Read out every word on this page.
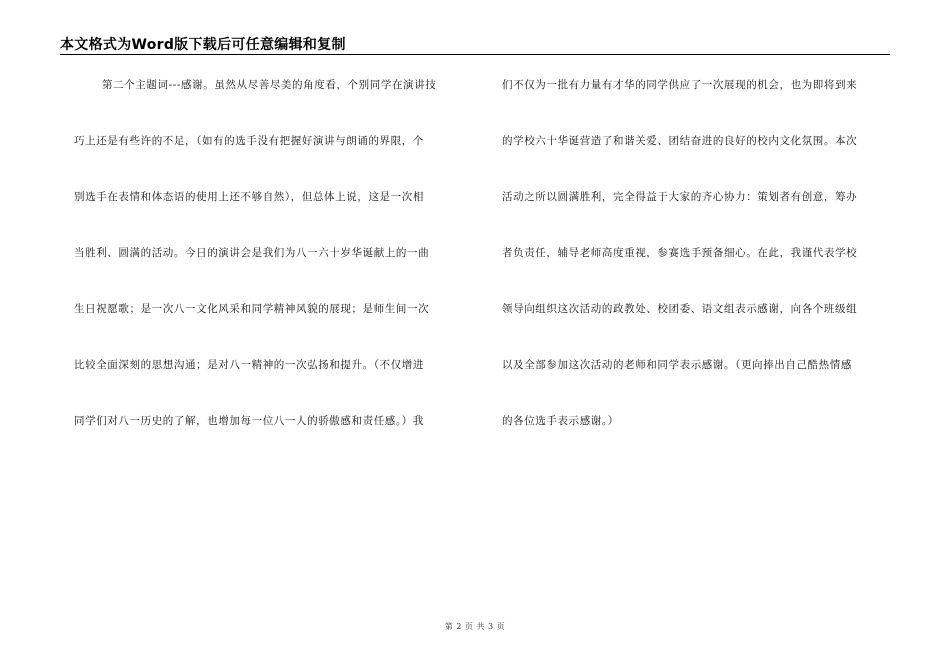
本文格式为Word版下载后可任意编辑和复制
第二个主题词---感谢。虽然从尽善尽美的角度看，个别同学在演讲技
巧上还是有些许的不足，（如有的选手没有把握好演讲与朗诵的界限，个
别选手在表情和体态语的使用上还不够自然），但总体上说，这是一次相
当胜利、圆满的活动。今日的演讲会是我们为八一六十岁华诞献上的一曲
生日祝愿歌；是一次八一文化风采和同学精神风貌的展现；是师生间一次
比较全面深刻的思想沟通；是对八一精神的一次弘扬和提升。（不仅增进
同学们对八一历史的了解，也增加每一位八一人的骄傲感和责任感。）我
们不仅为一批有力量有才华的同学供应了一次展现的机会，也为即将到来
的学校六十华诞营造了和谐关爱、团结奋进的良好的校内文化氛围。本次
活动之所以圆满胜利，完全得益于大家的齐心协力：策划者有创意，筹办
者负责任，辅导老师高度重视，参赛选手预备细心。在此，我谨代表学校
领导向组织这次活动的政教处、校团委、语文组表示感谢，向各个班级组
以及全部参加这次活动的老师和同学表示感谢。（更向捧出自己酷热情感
的各位选手表示感谢。）
第 2 页 共 3 页
